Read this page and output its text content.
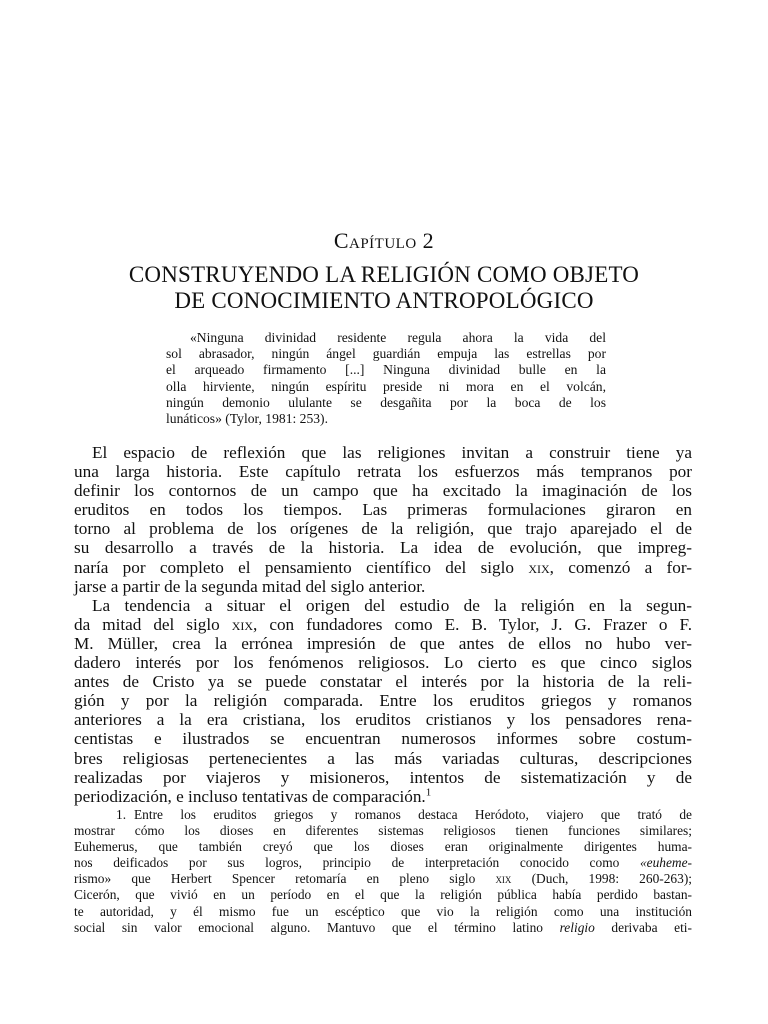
Capítulo 2
CONSTRUYENDO LA RELIGIÓN COMO OBJETO
DE CONOCIMIENTO ANTROPOLÓGICO
«Ninguna divinidad residente regula ahora la vida del
sol abrasador, ningún ángel guardián empuja las estrellas por
el arqueado firmamento [...] Ninguna divinidad bulle en la
olla hirviente, ningún espíritu preside ni mora en el volcán,
ningún demonio ululante se desgañita por la boca de los
lunáticos» (Tylor, 1981: 253).
El espacio de reflexión que las religiones invitan a construir tiene ya
una larga historia. Este capítulo retrata los esfuerzos más tempranos por
definir los contornos de un campo que ha excitado la imaginación de los
eruditos en todos los tiempos. Las primeras formulaciones giraron en
torno al problema de los orígenes de la religión, que trajo aparejado el de
su desarrollo a través de la historia. La idea de evolución, que impreg-
naría por completo el pensamiento científico del siglo xix, comenzó a for-
jarse a partir de la segunda mitad del siglo anterior.
La tendencia a situar el origen del estudio de la religión en la segun-
da mitad del siglo xix, con fundadores como E. B. Tylor, J. G. Frazer o F.
M. Müller, crea la errónea impresión de que antes de ellos no hubo ver-
dadero interés por los fenómenos religiosos. Lo cierto es que cinco siglos
antes de Cristo ya se puede constatar el interés por la historia de la reli-
gión y por la religión comparada. Entre los eruditos griegos y romanos
anteriores a la era cristiana, los eruditos cristianos y los pensadores rena-
centistas e ilustrados se encuentran numerosos informes sobre costum-
bres religiosas pertenecientes a las más variadas culturas, descripciones
realizadas por viajeros y misioneros, intentos de sistematización y de
periodización, e incluso tentativas de comparación.$^1$
1. Entre los eruditos griegos y romanos destaca Heródoto, viajero que trató de
mostrar cómo los dioses en diferentes sistemas religiosos tienen funciones similares;
Euhemerus, que también creyó que los dioses eran originalmente dirigentes huma-
nos deificados por sus logros, principio de interpretación conocido como «euheme-
rismo» que Herbert Spencer retomaría en pleno siglo xix (Duch, 1998: 260-263);
Cicerón, que vivió en un período en el que la religión pública había perdido bastan-
te autoridad, y él mismo fue un escéptico que vio la religión como una institución
social sin valor emocional alguno. Mantuvo que el término latino religio derivaba eti-
